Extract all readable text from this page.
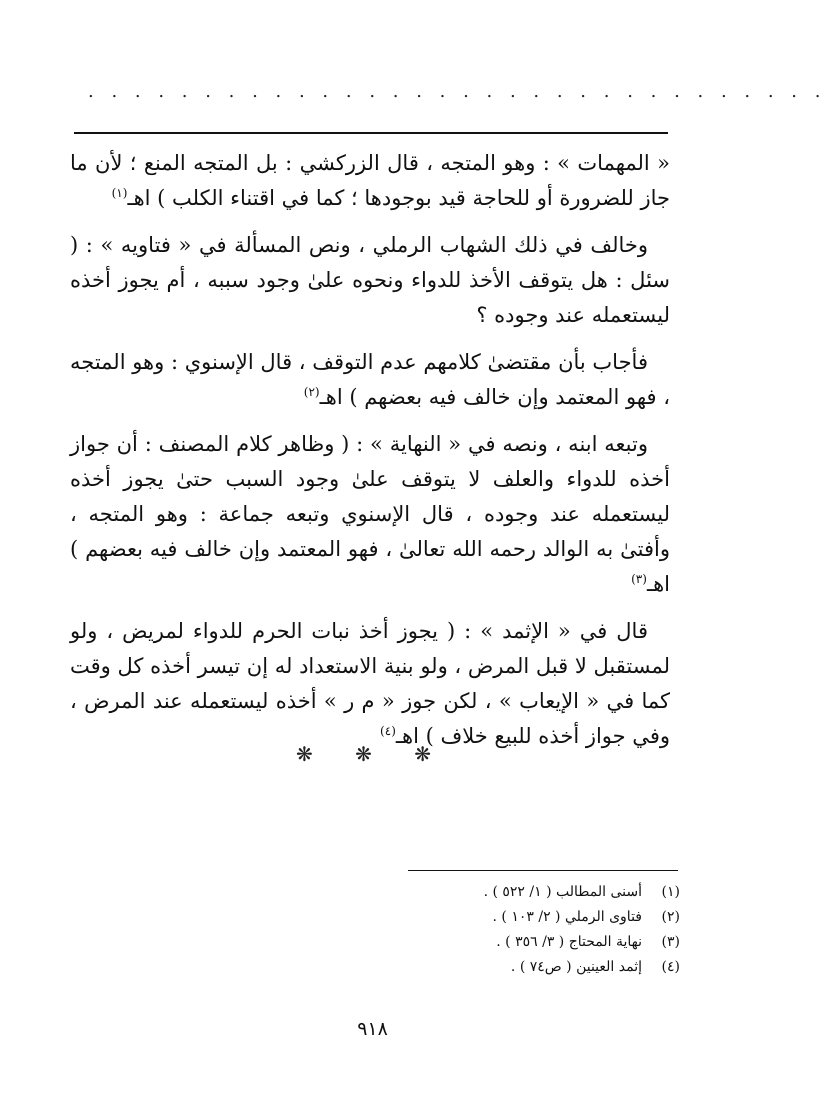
. . . . . . . . . . . . . . . . . . . . . . . . . . . . . . . .

« المهمات » : وهو المتجه ، قال الزركشي : بل المتجه المنع ؛ لأن ما جاز للضرورة أو للحاجة قيد بوجودها ؛ كما في اقتناء الكلب ) اهـ$^{(١)}$

وخالف في ذلك الشهاب الرملي ، ونص المسألة في « فتاويه » : ( سئل : هل يتوقف الأخذ للدواء ونحوه علىٰ وجود سببه ، أم يجوز أخذه ليستعمله عند وجوده ؟

فأجاب بأن مقتضىٰ كلامهم عدم التوقف ، قال الإسنوي : وهو المتجه ، فهو المعتمد وإن خالف فيه بعضهم ) اهـ$^{(٢)}$

وتبعه ابنه ، ونصه في « النهاية » : ( وظاهر كلام المصنف : أن جواز أخذه للدواء والعلف لا يتوقف علىٰ وجود السبب حتىٰ يجوز أخذه ليستعمله عند وجوده ، قال الإسنوي وتبعه جماعة : وهو المتجه ، وأفتىٰ به الوالد رحمه الله تعالىٰ ، فهو المعتمد وإن خالف فيه بعضهم ) اهـ$^{(٣)}$

قال في « الإثمد » : ( يجوز أخذ نبات الحرم للدواء لمريض ، ولو لمستقبل لا قبل المرض ، ولو بنية الاستعداد له إن تيسر أخذه كل وقت كما في « الإيعاب » ، لكن جوز « م ر » أخذه ليستعمله عند المرض ، وفي جواز أخذه للبيع خلاف ) اهـ$^{(٤)}$

❋ ❋ ❋
(١)
أسنى المطالب ( ١/ ٥٢٢ ) .
(٢)
فتاوى الرملي ( ٢/ ١٠٣ ) .
(٣)
نهاية المحتاج ( ٣/ ٣٥٦ ) .
(٤)
إثمد العينين ( ص٧٤ ) .
٩١٨
